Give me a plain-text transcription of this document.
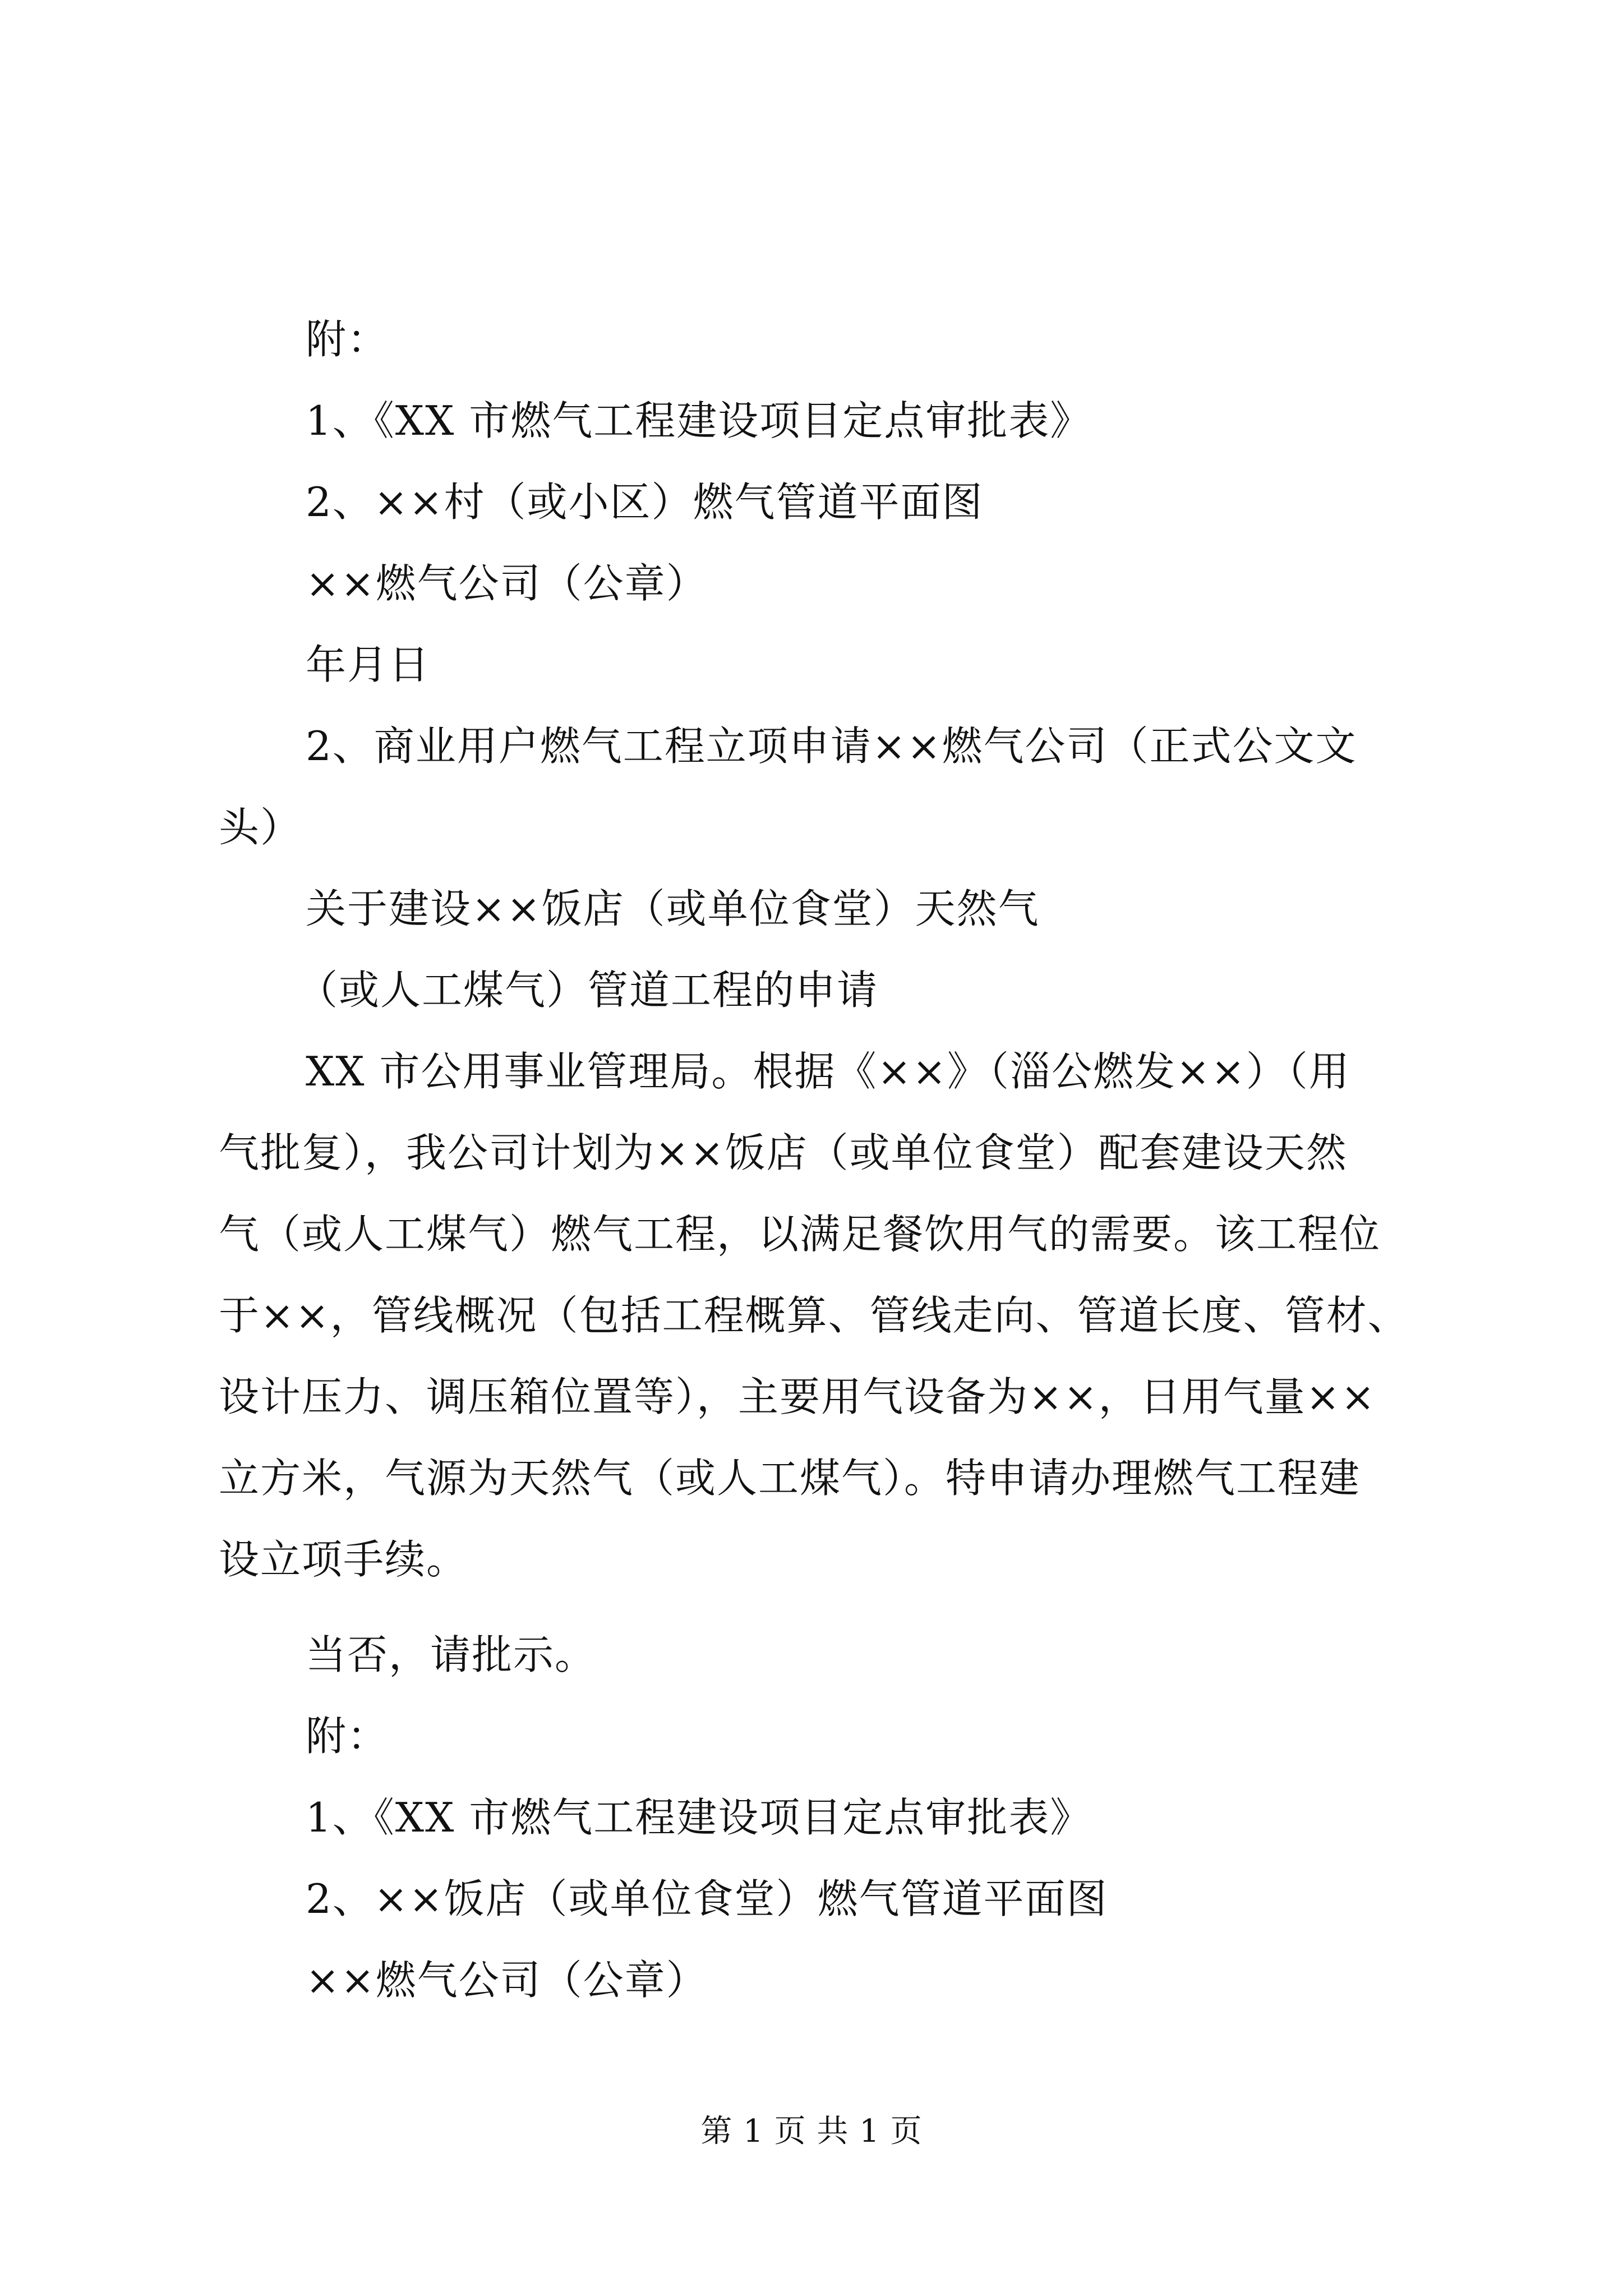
附：
1、《XX 市燃气工程建设项目定点审批表》
2、××村（或小区）燃气管道平面图
××燃气公司（公章）
年月日
2、商业用户燃气工程立项申请××燃气公司（正式公文文
头）
关于建设××饭店（或单位食堂）天然气
（或人工煤气）管道工程的申请
XX 市公用事业管理局。根据《××》（淄公燃发××）（用
气批复），我公司计划为××饭店（或单位食堂）配套建设天然
气（或人工煤气）燃气工程，以满足餐饮用气的需要。该工程位
于××，管线概况（包括工程概算、管线走向、管道长度、管材、
设计压力、调压箱位置等），主要用气设备为××，日用气量××
立方米，气源为天然气（或人工煤气）。特申请办理燃气工程建
设立项手续。
当否，请批示。
附：
1、《XX 市燃气工程建设项目定点审批表》
2、××饭店（或单位食堂）燃气管道平面图
××燃气公司（公章）
第 1 页 共 1 页
